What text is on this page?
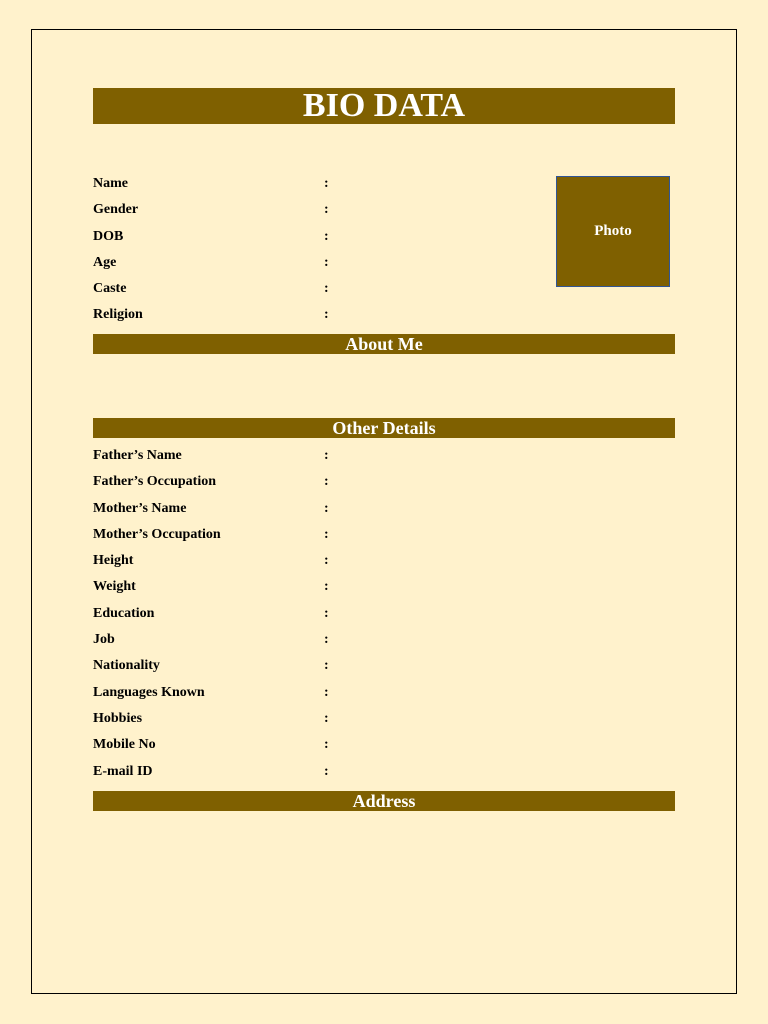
BIO DATA
Name	:
Gender	:
DOB	:
Age	:
Caste	:
Religion	:
Photo
About Me
Other Details
Father’s Name	:
Father’s Occupation	:
Mother’s Name	:
Mother’s Occupation	:
Height	:
Weight	:
Education	:
Job	:
Nationality	:
Languages Known	:
Hobbies	:
Mobile No	:
E-mail ID	:
Address
